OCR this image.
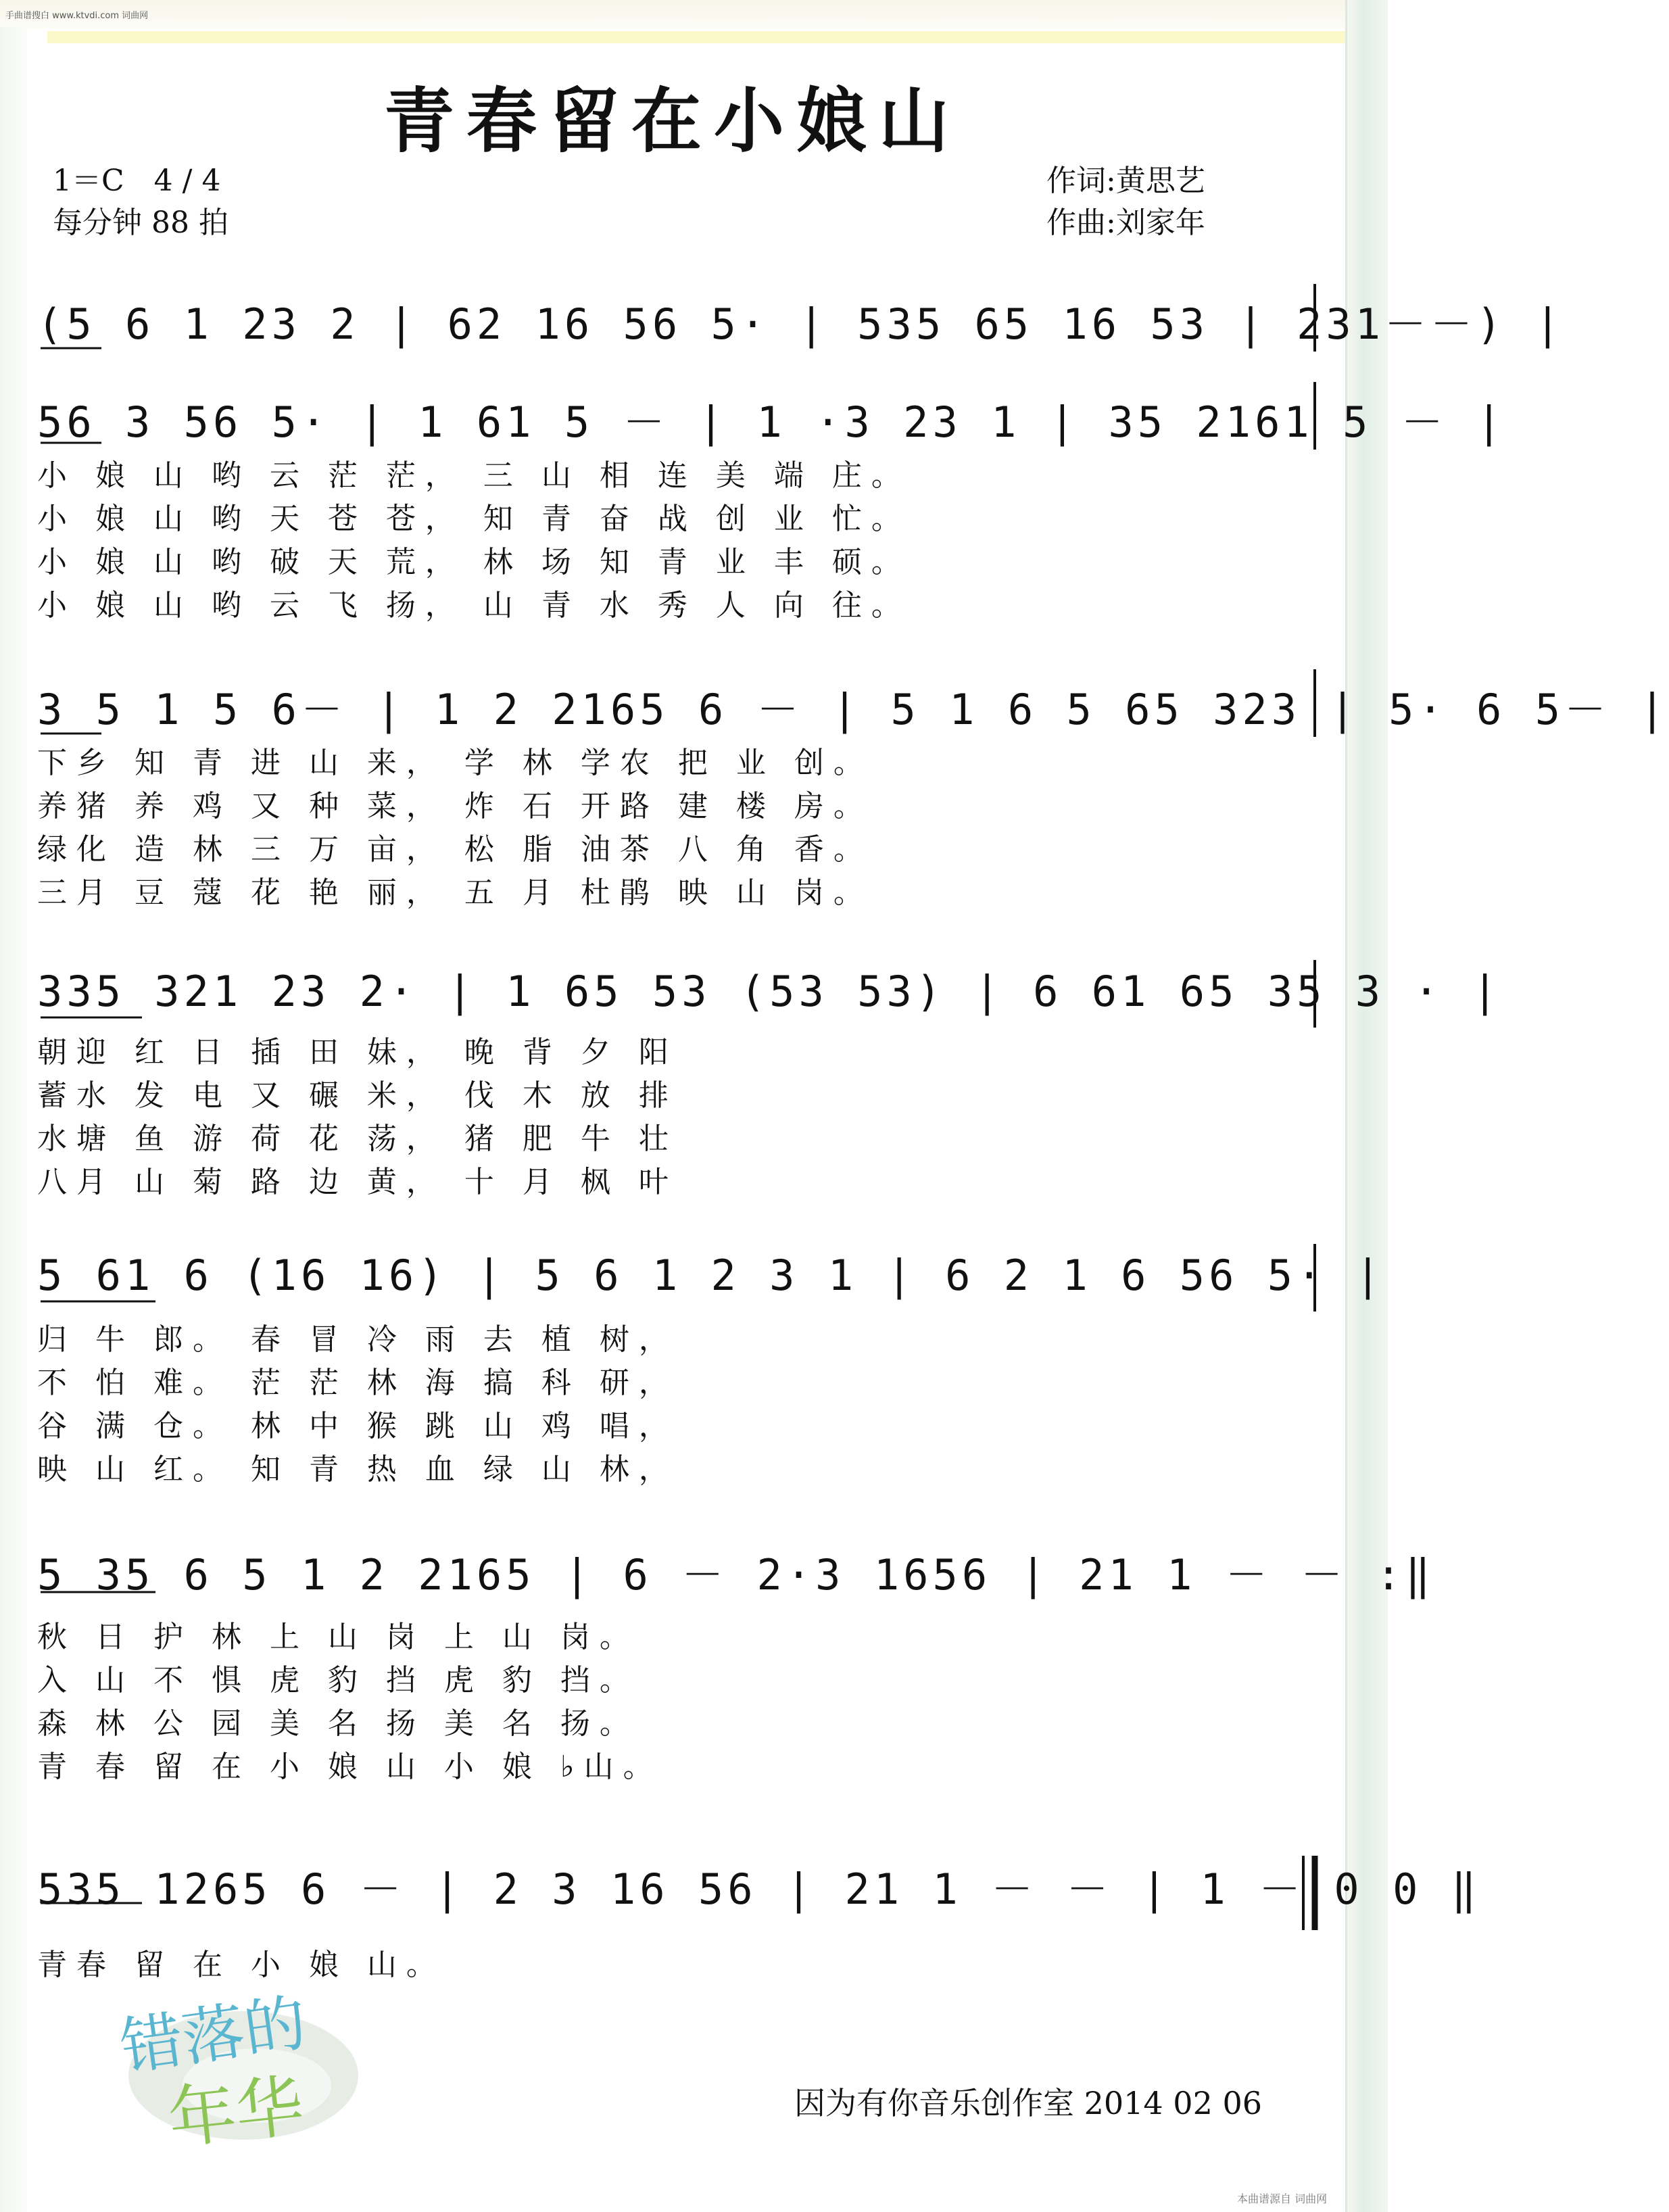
手曲谱搜白 www.ktvdi.com 词曲网
青春留在小娘山
1＝C　4 / 4
每分钟 88 拍
作词:黄思艺
作曲:刘家年
(5 6 1 23 2 | 62 16 56 5· | 535 65 16 53 | 231－－) |
56 3 56 5· | 1 61 5 － | 1 ·3 23 1 | 35 2161 5 － |
小 娘 山 哟 云 茫 茫， 三 山 相 连 美 端 庄。
小 娘 山 哟 天 苍 苍， 知 青 奋 战 创 业 忙。
小 娘 山 哟 破 天 荒， 林 场 知 青 业 丰 硕。
小 娘 山 哟 云 飞 扬， 山 青 水 秀 人 向 往。
3 5 1 5 6－ | 1 2 2165 6 － | 5 1 6 5 65 323 | 5· 6 5－ |
下乡 知 青 进 山 来， 学 林 学农 把 业 创。
养猪 养 鸡 又 种 菜， 炸 石 开路 建 楼 房。
绿化 造 林 三 万 亩， 松 脂 油茶 八 角 香。
三月 豆 蔻 花 艳 丽， 五 月 杜鹃 映 山 岗。
335 321 23 2· | 1 65 53 (53 53) | 6 61 65 35 3 · |
朝迎 红 日 插 田 妹， 晚 背 夕 阳
蓄水 发 电 又 碾 米， 伐 木 放 排
水塘 鱼 游 荷 花 荡， 猪 肥 牛 壮
八月 山 菊 路 边 黄， 十 月 枫 叶
5 61 6 (16 16) | 5 6 1 2 3 1 | 6 2 1 6 56 5· |
归 牛 郎。 春 冒 冷 雨 去 植 树，
不 怕 难。 茫 茫 林 海 搞 科 研，
谷 满 仓。 林 中 猴 跳 山 鸡 唱，
映 山 红。 知 青 热 血 绿 山 林，
5 35 6 5 1 2 2165 | 6 － 2·3 1656 | 21 1 － － :‖
秋 日 护 林 上 山 岗 上 山 岗。
入 山 不 惧 虎 豹 挡 虎 豹 挡。
森 林 公 园 美 名 扬 美 名 扬。
青 春 留 在 小 娘 山 小 娘 ♭山。
535 1265 6 － | 2 3 16 56 | 21 1 － － | 1 － 0 0 ‖
青春 留 在 小 娘 山。
错落的
年华	因为有你音乐创作室 2014 02 06
本曲谱源自 词曲网
